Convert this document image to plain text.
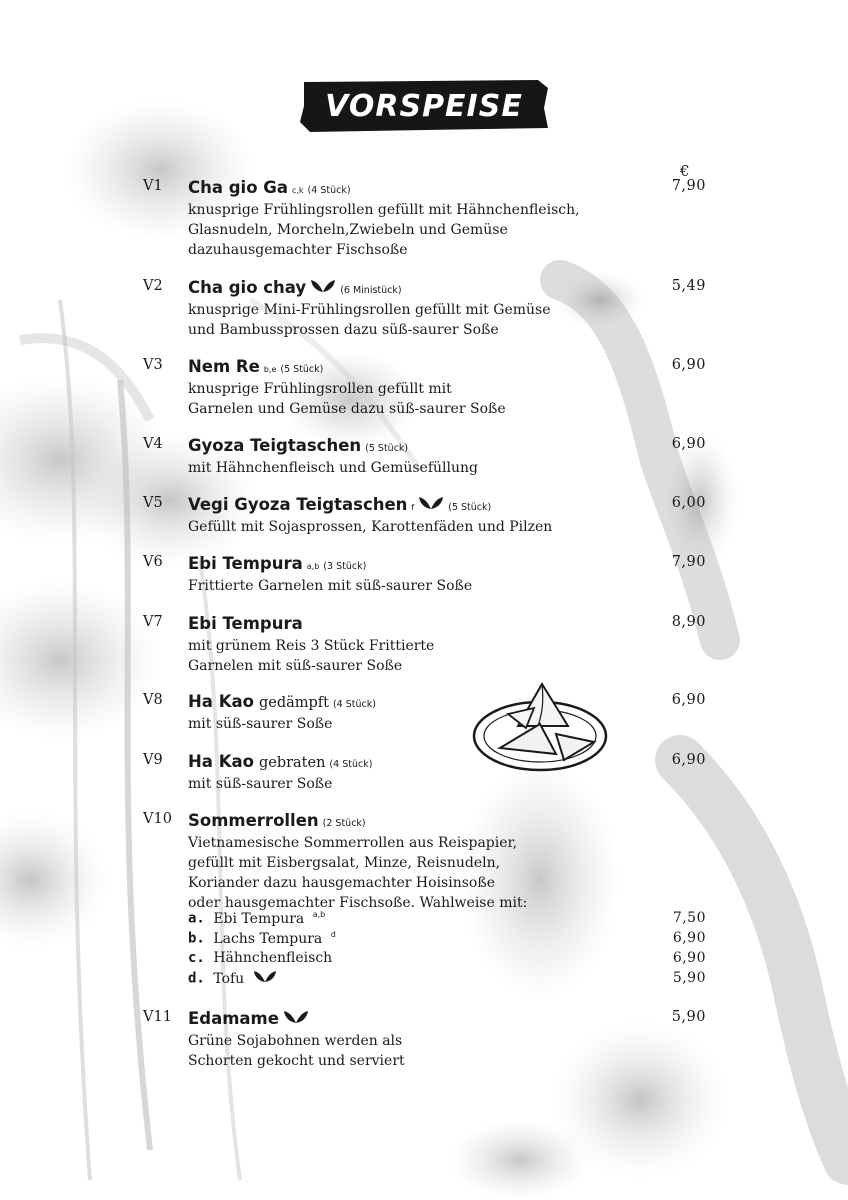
VORSPEISE
€
V1 Cha gio Ga c,k (4 Stück)
knusprige Frühlingsrollen gefüllt mit Hähnchenfleisch,
Glasnudeln, Morcheln,Zwiebeln und Gemüse
dazuhausgemachter Fischsoße
7,90
V2 Cha gio chay	(6 Ministück)
knusprige Mini-Frühlingsrollen gefüllt mit Gemüse
und Bambussprossen dazu süß-saurer Soße
5,49
V3 Nem Re b,e (5 Stück)
knusprige Frühlingsrollen gefüllt mit
Garnelen und Gemüse dazu süß-saurer Soße
6,90
V4 Gyoza Teigtaschen (5 Stück)
mit Hähnchenfleisch und Gemüsefüllung
6,90
V5 Vegi Gyoza Teigtaschen f	(5 Stück)
Gefüllt mit Sojasprossen, Karottenfäden und Pilzen
6,00
V6 Ebi Tempura a,b (3 Stück)
Frittierte Garnelen mit süß-saurer Soße
7,90
V7 Ebi Tempura
mit grünem Reis 3 Stück Frittierte
Garnelen mit süß-saurer Soße
8,90
V8 Ha Kao gedämpft (4 Stück)
mit süß-saurer Soße
6,90
V9 Ha Kao gebraten (4 Stück)
mit süß-saurer Soße
6,90
V10 Sommerrollen (2 Stück)
Vietnamesische Sommerrollen aus Reispapier,
gefüllt mit Eisbergsalat, Minze, Reisnudeln,
Koriander dazu hausgemachter Hoisinsoße
oder hausgemachter Fischsoße. Wahlweise mit:
a. Ebi Tempura $^{a,b}$	7,50
b. Lachs Tempura $^d$	6,90
c. Hähnchenfleisch	6,90
d. Tofu	5,90
V11 Edamame
Grüne Sojabohnen werden als
Schorten gekocht und serviert
5,90
